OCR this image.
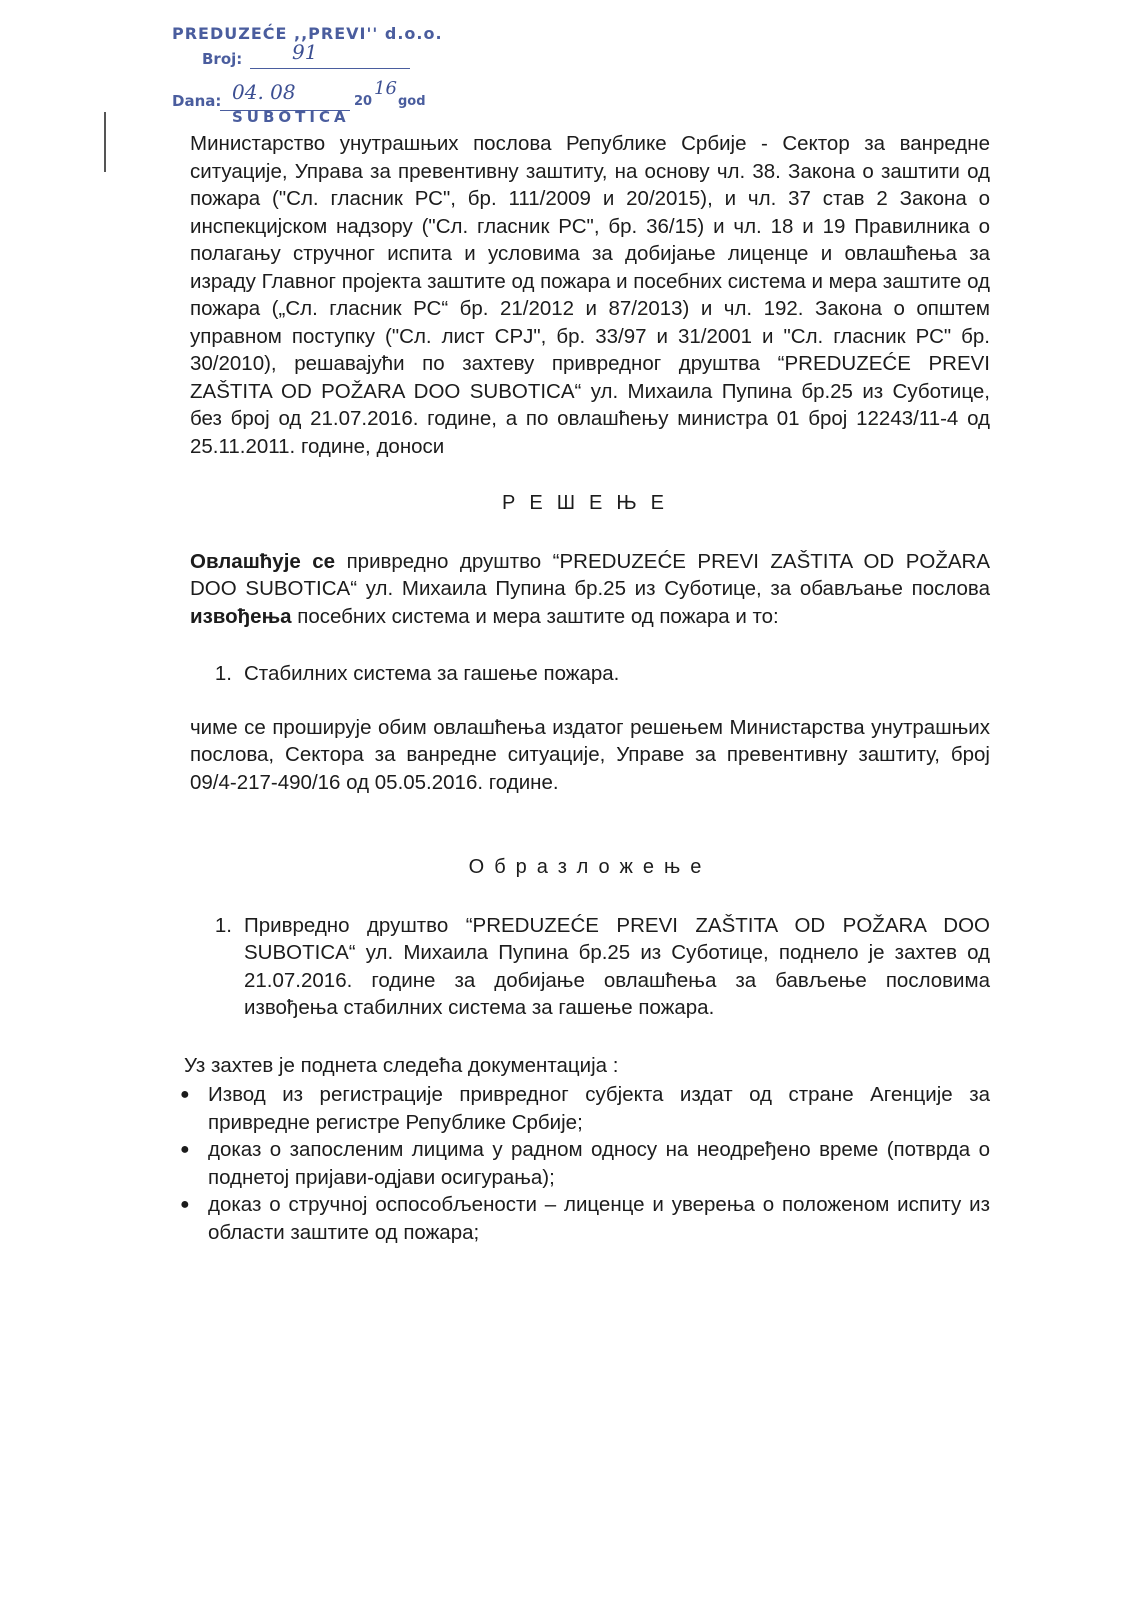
PREDUZEĆE ,,PREVI'' d.o.o.
Broj: 91
Dana: 04. 08	20
16
god
SUBOTICA

Министарство унутрашњих послова Републике Србије - Сектор за ванредне ситуације, Управа за превентивну заштиту, на основу чл. 38. Закона о заштити од пожара ("Сл. гласник РС", бр. 111/2009 и 20/2015), и чл. 37 став 2 Закона о инспекцијском надзору ("Сл. гласник РС", бр. 36/15) и чл. 18 и 19 Правилника о полагању стручног испита и условима за добијање лиценце и овлашћења за израду Главног пројекта заштите од пожара и посебних система и мера заштите од пожара („Сл. гласник РС“ бр. 21/2012 и 87/2013) и чл. 192. Закона о општем управном поступку ("Сл. лист СРЈ", бр. 33/97 и 31/2001 и "Сл. гласник РС" бр. 30/2010), решавајући по захтеву привредног друштва “PREDUZEĆE PREVI ZAŠTITA OD POŽARA DOO SUBOTICA“ ул. Михаила Пупина бр.25 из Суботице, без број од 21.07.2016. године, а по овлашћењу министра 01 број 12243/11-4 од 25.11.2011. године, доноси

РЕШЕЊЕ

Овлашћује се привредно друштво “PREDUZEĆE PREVI ZAŠTITA OD POŽARA DOO SUBOTICA“ ул. Михаила Пупина бр.25 из Суботице, за обављање послова извођења посебних система и мера заштите од пожара и то:

1. Стабилних система за гашење пожара.

чиме се проширује обим овлашћења издатог решењем Министарства унутрашњих послова, Сектора за ванредне ситуације, Управе за превентивну заштиту, број 09/4-217-490/16 од 05.05.2016. године.

Образложење
1. Привредно друштво “PREDUZEĆE PREVI ZAŠTITA OD POŽARA DOO SUBOTICA“ ул. Михаила Пупина бр.25 из Суботице, поднело је захтев од 21.07.2016. године за добијање овлашћења за бављење пословима извођења стабилних система за гашење пожара.

Уз захтев је поднета следећа документација :

● Извод из регистрације привредног субјекта издат од стране Агенције за привредне регистре Републике Србије;
● доказ о запосленим лицима у радном односу на неодређено време (потврда о поднетој пријави-одјави осигурања);
● доказ о стручној оспособљености – лиценце и уверења о положеном испиту из области заштите од пожара;
